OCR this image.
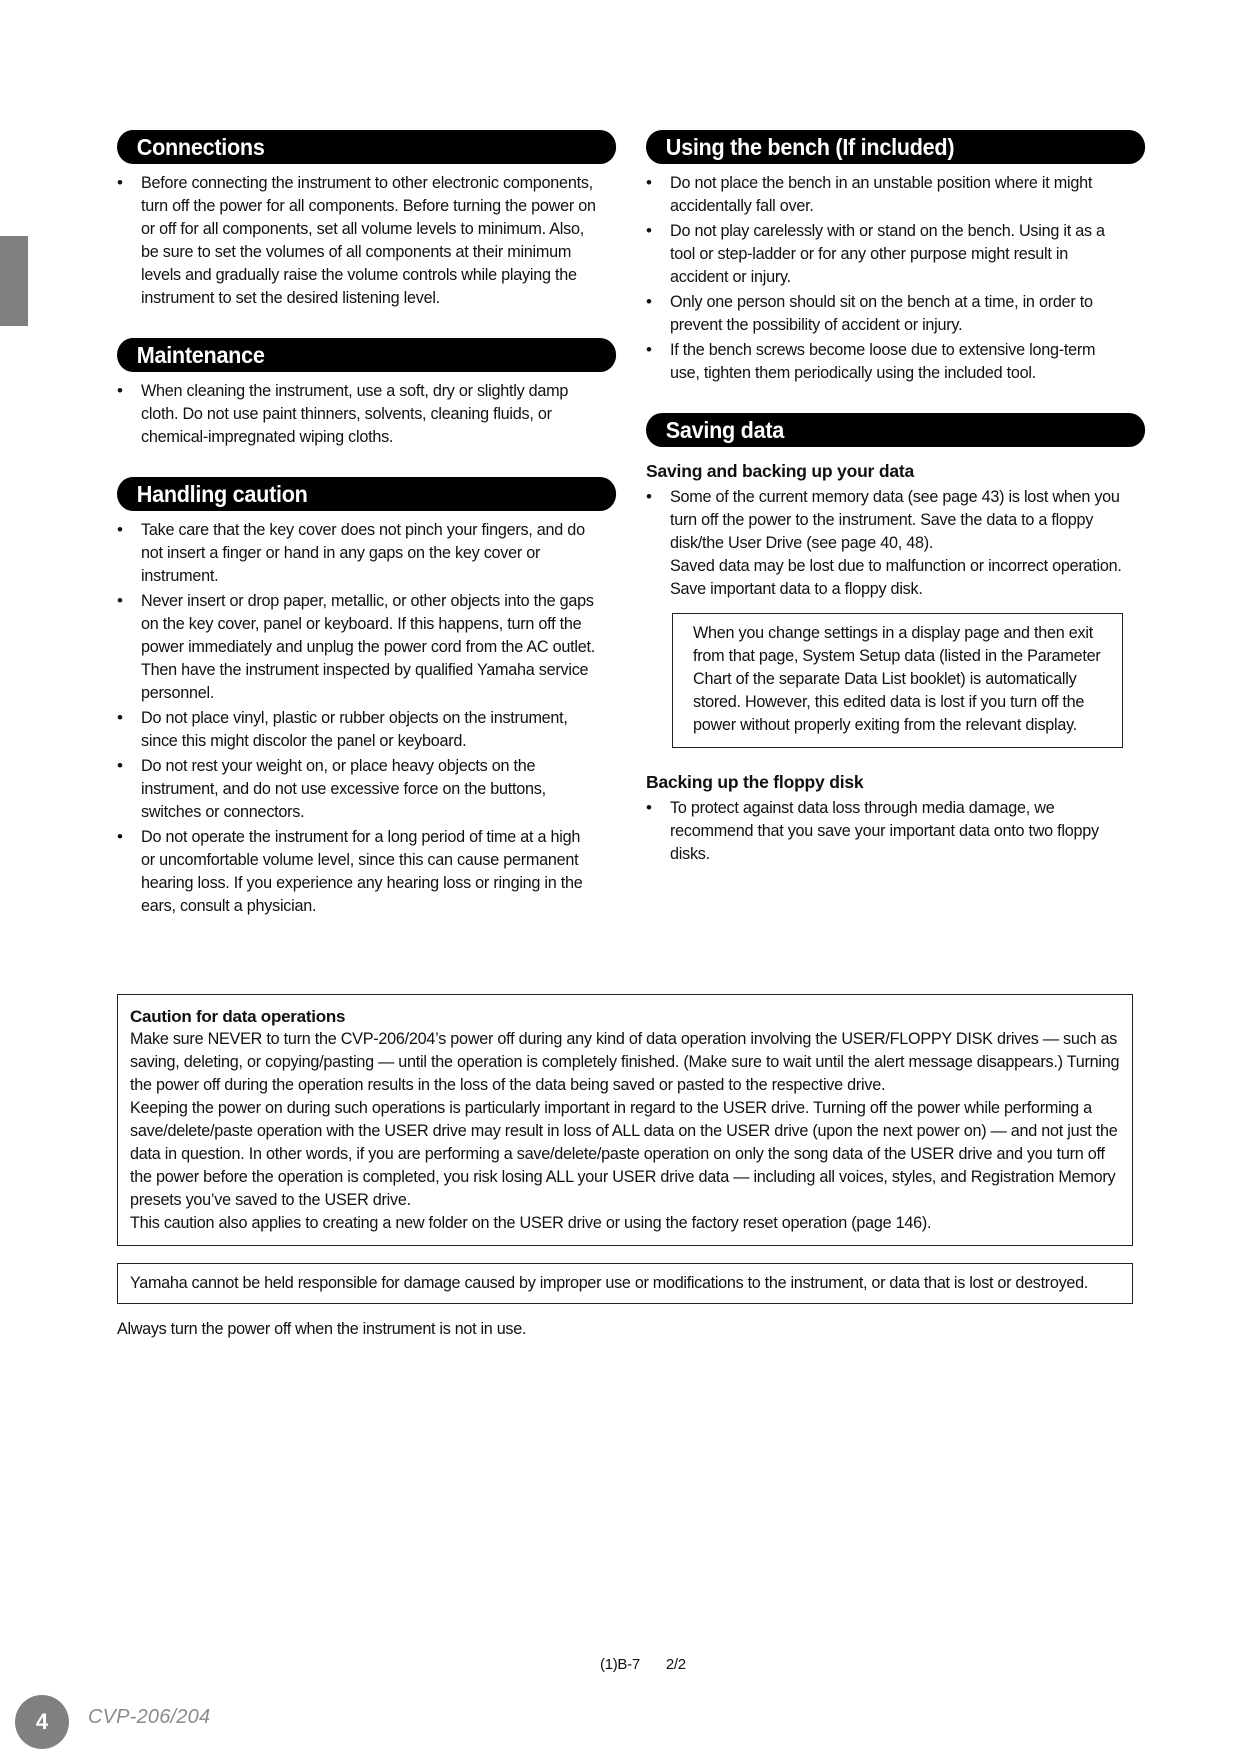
Connections
• Before connecting the instrument to other electronic components, turn off the power for all components. Before turning the power on or off for all components, set all volume levels to minimum. Also, be sure to set the volumes of all components at their minimum levels and gradually raise the volume controls while playing the instrument to set the desired listening level.
Maintenance
• When cleaning the instrument, use a soft, dry or slightly damp cloth. Do not use paint thinners, solvents, cleaning fluids, or chemical-impregnated wiping cloths.
Handling caution
• Take care that the key cover does not pinch your fingers, and do not insert a finger or hand in any gaps on the key cover or instrument.
• Never insert or drop paper, metallic, or other objects into the gaps on the key cover, panel or keyboard. If this happens, turn off the power immediately and unplug the power cord from the AC outlet. Then have the instrument inspected by qualified Yamaha service personnel.
• Do not place vinyl, plastic or rubber objects on the instrument, since this might discolor the panel or keyboard.
• Do not rest your weight on, or place heavy objects on the instrument, and do not use excessive force on the buttons, switches or connectors.
• Do not operate the instrument for a long period of time at a high or uncomfortable volume level, since this can cause permanent hearing loss. If you experience any hearing loss or ringing in the ears, consult a physician.
Using the bench (If included)
• Do not place the bench in an unstable position where it might accidentally fall over.
• Do not play carelessly with or stand on the bench. Using it as a tool or step-ladder or for any other purpose might result in accident or injury.
• Only one person should sit on the bench at a time, in order to prevent the possibility of accident or injury.
• If the bench screws become loose due to extensive long-term use, tighten them periodically using the included tool.
Saving data
Saving and backing up your data
• Some of the current memory data (see page 43) is lost when you turn off the power to the instrument. Save the data to a floppy disk/the User Drive (see page 40, 48).
Saved data may be lost due to malfunction or incorrect operation. Save important data to a floppy disk.
When you change settings in a display page and then exit from that page, System Setup data (listed in the Parameter Chart of the separate Data List booklet) is automatically stored. However, this edited data is lost if you turn off the power without properly exiting from the relevant display.
Backing up the floppy disk
• To protect against data loss through media damage, we recommend that you save your important data onto two floppy disks.
Caution for data operations
Make sure NEVER to turn the CVP-206/204’s power off during any kind of data operation involving the USER/FLOPPY DISK drives — such as saving, deleting, or copying/pasting — until the operation is completely finished. (Make sure to wait until the alert message disappears.) Turning the power off during the operation results in the loss of the data being saved or pasted to the respective drive.
Keeping the power on during such operations is particularly important in regard to the USER drive. Turning off the power while performing a save/delete/paste operation with the USER drive may result in loss of ALL data on the USER drive (upon the next power on) — and not just the data in question. In other words, if you are performing a save/delete/paste operation on only the song data of the USER drive and you turn off the power before the operation is completed, you risk losing ALL your USER drive data — including all voices, styles, and Registration Memory presets you’ve saved to the USER drive.
This caution also applies to creating a new folder on the USER drive or using the factory reset operation (page 146).
Yamaha cannot be held responsible for damage caused by improper use or modifications to the instrument, or data that is lost or destroyed.
Always turn the power off when the instrument is not in use.
(1)B-7 2/2
4	CVP-206/204
